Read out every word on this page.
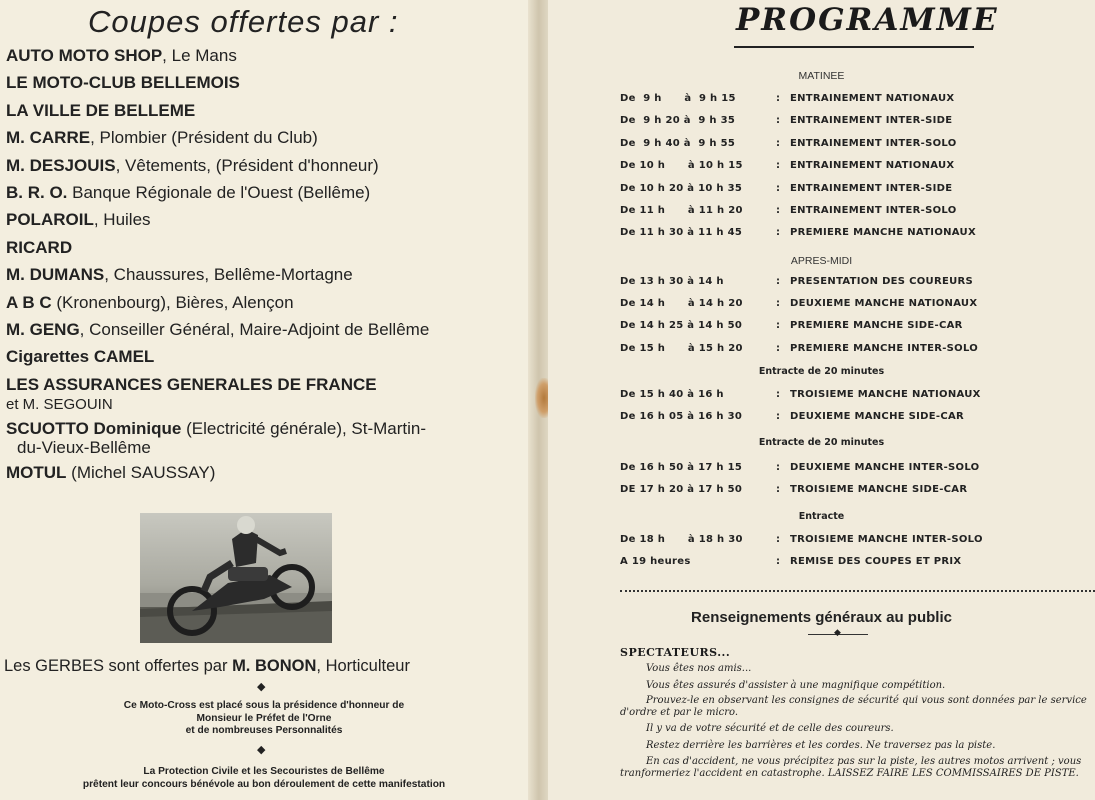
Coupes offertes par :
AUTO MOTO SHOP, Le Mans
LE MOTO-CLUB BELLEMOIS
LA VILLE DE BELLEME
M. CARRE, Plombier (Président du Club)
M. DESJOUIS, Vêtements, (Président d'honneur)
B. R. O. Banque Régionale de l'Ouest (Bellême)
POLAROIL, Huiles
RICARD
M. DUMANS, Chaussures, Bellême-Mortagne
A B C (Kronenbourg), Bières, Alençon
M. GENG, Conseiller Général, Maire-Adjoint de Bellême
Cigarettes CAMEL
LES ASSURANCES GENERALES DE FRANCE
et M. SEGOUIN
SCUOTTO Dominique (Electricité générale), St-Martin-
du-Vieux-Bellême
MOTUL (Michel SAUSSAY)
Les GERBES sont offertes par M. BONON, Horticulteur
◆
Ce Moto-Cross est placé sous la présidence d'honneur de
Monsieur le Préfet de l'Orne
et de nombreuses Personnalités
◆
La Protection Civile et les Secouristes de Bellême
prêtent leur concours bénévole au bon déroulement de cette manifestation
PROGRAMME
MATINEE
De  9 h      à  9 h 15	: ENTRAINEMENT NATIONAUX
De  9 h 20 à  9 h 35	: ENTRAINEMENT INTER-SIDE
De  9 h 40 à  9 h 55	: ENTRAINEMENT INTER-SOLO
De 10 h      à 10 h 15	: ENTRAINEMENT NATIONAUX
De 10 h 20 à 10 h 35	: ENTRAINEMENT INTER-SIDE
De 11 h      à 11 h 20	: ENTRAINEMENT INTER-SOLO
De 11 h 30 à 11 h 45	: PREMIERE MANCHE NATIONAUX
APRES-MIDI
De 13 h 30 à 14 h	: PRESENTATION DES COUREURS
De 14 h      à 14 h 20	: DEUXIEME MANCHE NATIONAUX
De 14 h 25 à 14 h 50	: PREMIERE MANCHE SIDE-CAR
De 15 h      à 15 h 20	: PREMIERE MANCHE INTER-SOLO
Entracte de 20 minutes
De 15 h 40 à 16 h	: TROISIEME MANCHE NATIONAUX
De 16 h 05 à 16 h 30	: DEUXIEME MANCHE SIDE-CAR
Entracte de 20 minutes
De 16 h 50 à 17 h 15	: DEUXIEME MANCHE INTER-SOLO
DE 17 h 20 à 17 h 50	: TROISIEME MANCHE SIDE-CAR
Entracte
De 18 h      à 18 h 30	: TROISIEME MANCHE INTER-SOLO
A 19 heures	: REMISE DES COUPES ET PRIX
Renseignements généraux au public
◆
SPECTATEURS...
Vous êtes nos amis...
Vous êtes assurés d'assister à une magnifique compétition.
Prouvez-le en observant les consignes de sécurité qui vous sont données par le service d'ordre et par le micro.
Il y va de votre sécurité et de celle des coureurs.
Restez derrière les barrières et les cordes. Ne traversez pas la piste.
En cas d'accident, ne vous précipitez pas sur la piste, les autres motos arrivent ; vous tranformeriez l'accident en catastrophe. LAISSEZ FAIRE LES COMMISSAIRES DE PISTE.
